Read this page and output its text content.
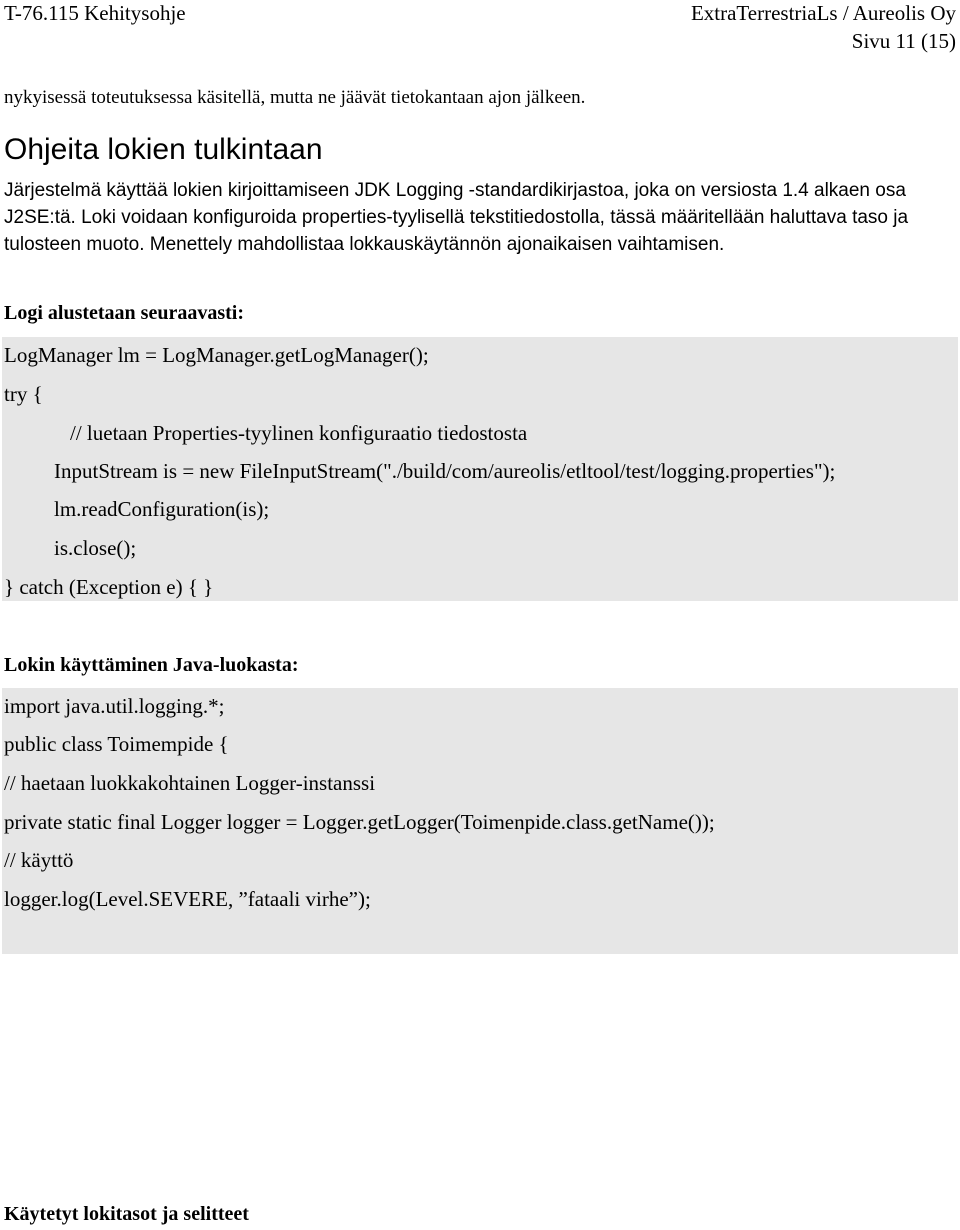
T-76.115 Kehitysohje	ExtraTerrestriaLs / Aureolis Oy
Sivu 11 (15)
nykyisessä toteutuksessa käsitellä, mutta ne jäävät tietokantaan ajon jälkeen.
Ohjeita lokien tulkintaan
Järjestelmä käyttää lokien kirjoittamiseen JDK Logging -standardikirjastoa, joka on versiosta 1.4 alkaen osa J2SE:tä. Loki voidaan konfiguroida properties-tyylisellä tekstitiedostolla, tässä määritellään haluttava taso ja tulosteen muoto. Menettely mahdollistaa lokkauskäytännön ajonaikaisen vaihtamisen.
Logi alustetaan seuraavasti:
LogManager lm = LogManager.getLogManager();
try {
// luetaan Properties-tyylinen konfiguraatio tiedostosta
InputStream is = new FileInputStream("./build/com/aureolis/etltool/test/logging.properties");
lm.readConfiguration(is);
is.close();
} catch (Exception e) { }
Lokin käyttäminen Java-luokasta:
import java.util.logging.*;
public class Toimempide {
// haetaan luokkakohtainen Logger-instanssi
private static final Logger logger = Logger.getLogger(Toimenpide.class.getName());
// käyttö
logger.log(Level.SEVERE, ”fataali virhe”);
Käytetyt lokitasot ja selitteet
